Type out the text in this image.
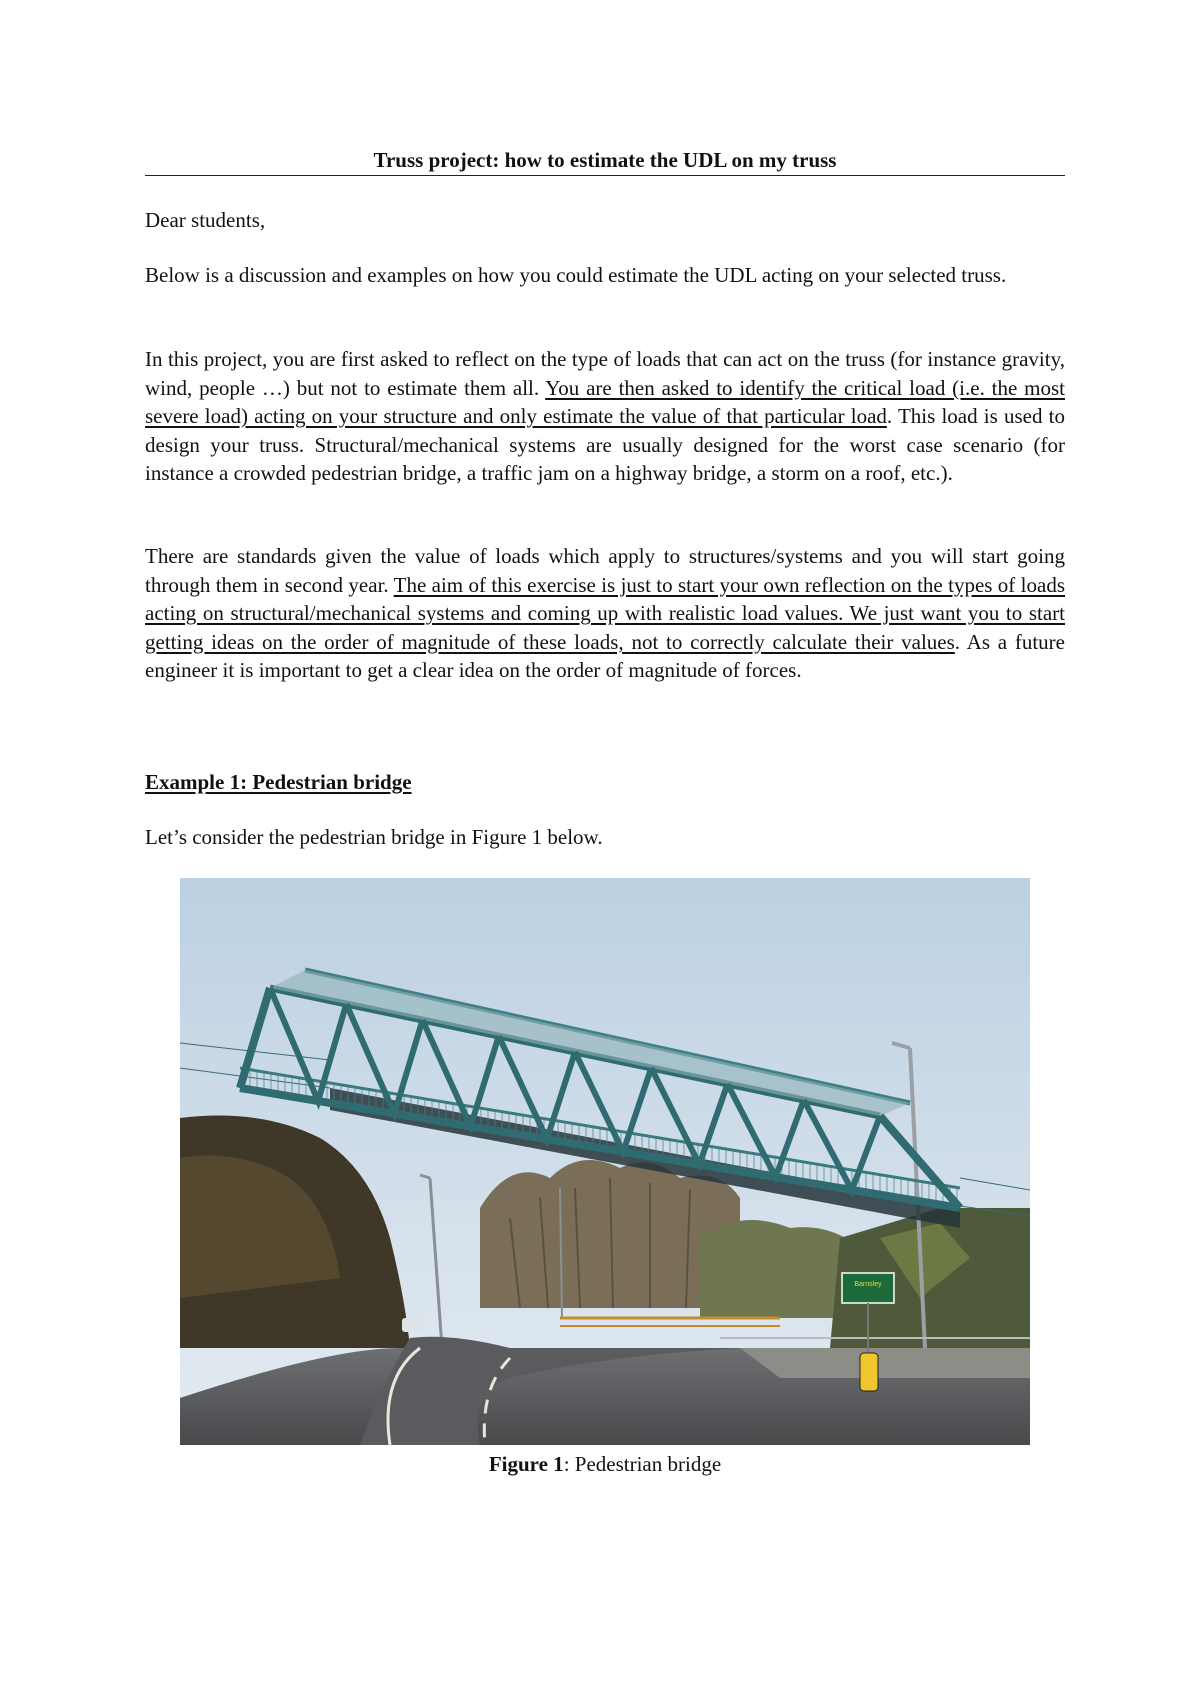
Truss project: how to estimate the UDL on my truss

Dear students,

Below is a discussion and examples on how you could estimate the UDL acting on your selected truss.

In this project, you are first asked to reflect on the type of loads that can act on the truss (for instance gravity, wind, people …) but not to estimate them all. You are then asked to identify the critical load (i.e. the most severe load) acting on your structure and only estimate the value of that particular load. This load is used to design your truss. Structural/mechanical systems are usually designed for the worst case scenario (for instance a crowded pedestrian bridge, a traffic jam on a highway bridge, a storm on a roof, etc.).

There are standards given the value of loads which apply to structures/systems and you will start going through them in second year. The aim of this exercise is just to start your own reflection on the types of loads acting on structural/mechanical systems and coming up with realistic load values. We just want you to start getting ideas on the order of magnitude of these loads, not to correctly calculate their values. As a future engineer it is important to get a clear idea on the order of magnitude of forces.

Example 1: Pedestrian bridge

Let’s consider the pedestrian bridge in Figure 1 below.

Barnsley
Figure 1: Pedestrian bridge
